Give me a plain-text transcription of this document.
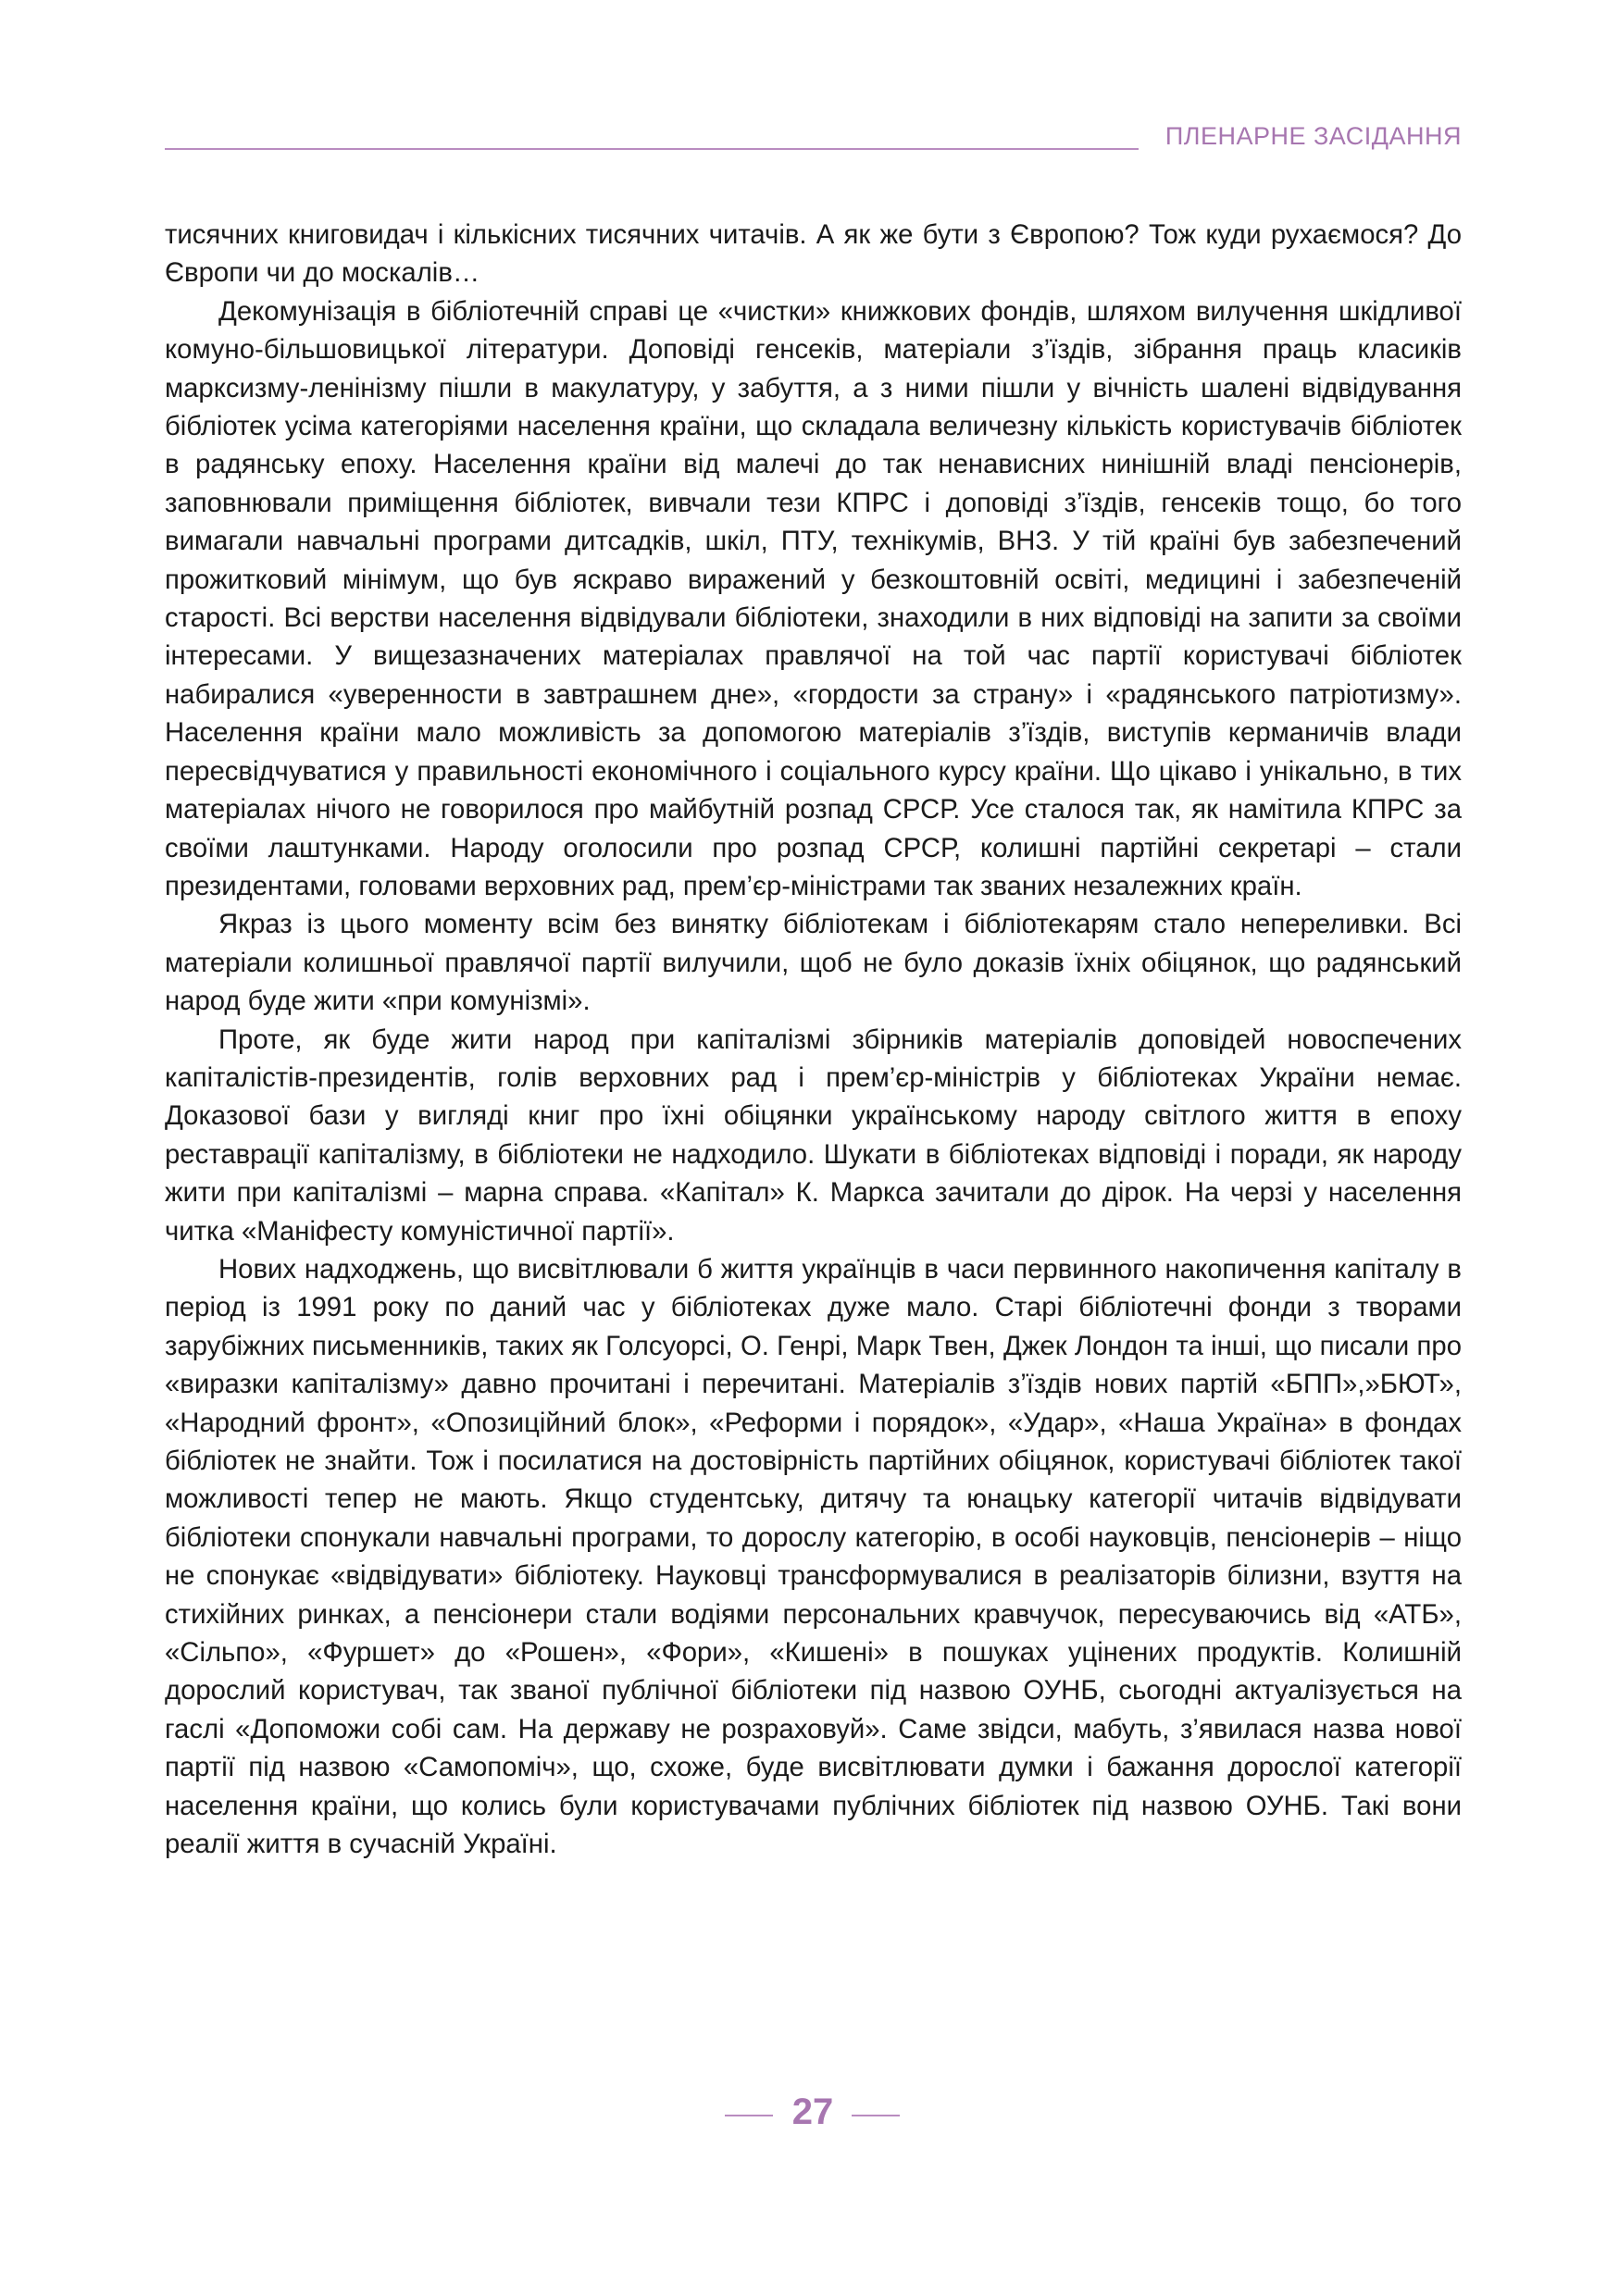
ПЛЕНАРНЕ ЗАСІДАННЯ

тисячних книговидач і кількісних тисячних читачів. А як же бути з Європою? Тож куди рухаємося? До Європи чи до москалів…

Декомунізація в бібліотечній справі це «чистки» книжкових фондів, шляхом вилучення шкідливої комуно-більшовицької літератури. Доповіді генсеків, матеріали з’їздів, зібрання праць класиків марксизму-ленінізму пішли в макулатуру, у забуття, а з ними пішли у вічність шалені відвідування бібліотек усіма категоріями населення країни, що складала величезну кількість користувачів бібліотек в радянську епоху. Населення країни від малечі до так ненависних нинішній владі пенсіонерів, заповнювали приміщення бібліотек, вивчали тези КПРС і доповіді з’їздів, генсеків тощо, бо того вимагали навчальні програми дитсадків, шкіл, ПТУ, технікумів, ВНЗ. У тій країні був забезпечений прожитковий мінімум, що був яскраво виражений у безкоштовній освіті, медицині і забезпеченій старості. Всі верстви населення відвідували бібліотеки, знаходили в них відповіді на запити за своїми інтересами. У вищезазначених матеріалах правлячої на той час партії користувачі бібліотек набиралися «уверенности в завтрашнем дне», «гордости за страну» і «радянського патріотизму». Населення країни мало можливість за допомогою матеріалів з’їздів, виступів керманичів влади пересвідчуватися у правильності економічного і соціального курсу країни. Що цікаво і унікально, в тих матеріалах нічого не говорилося про майбутній розпад СРСР. Усе сталося так, як намітила КПРС за своїми лаштунками. Народу оголосили про розпад СРСР, колишні партійні секретарі – стали президентами, головами верховних рад, прем’єр-міністрами так званих незалежних країн.

Якраз із цього моменту всім без винятку бібліотекам і бібліотекарям стало непереливки. Всі матеріали колишньої правлячої партії вилучили, щоб не було доказів їхніх обіцянок, що радянський народ буде жити «при комунізмі».

Проте, як буде жити народ при капіталізмі збірників матеріалів доповідей новоспечених капіталістів-президентів, голів верховних рад і прем’єр-міністрів у бібліотеках України немає. Доказової бази у вигляді книг про їхні обіцянки українському народу світлого життя в епоху реставрації капіталізму, в бібліотеки не надходило. Шукати в бібліотеках відповіді і поради, як народу жити при капіталізмі – марна справа. «Капітал» К. Маркса зачитали до дірок. На черзі у населення читка «Маніфесту комуністичної партії».

Нових надходжень, що висвітлювали б життя українців в часи первинного накопичення капіталу в період із 1991 року по даний час у бібліотеках дуже мало. Старі бібліотечні фонди з творами зарубіжних письменників, таких як Голсуорсі, О. Генрі, Марк Твен, Джек Лондон та інші, що писали про «виразки капіталізму» давно прочитані і перечитані. Матеріалів з’їздів нових партій «БПП»,»БЮТ», «Народний фронт», «Опозиційний блок», «Реформи і порядок», «Удар», «Наша Україна» в фондах бібліотек не знайти. Тож і посилатися на достовірність партійних обіцянок, користувачі бібліотек такої можливості тепер не мають. Якщо студентську, дитячу та юнацьку категорії читачів відвідувати бібліотеки спонукали навчальні програми, то дорослу категорію, в особі науковців, пенсіонерів – ніщо не спонукає «відвідувати» бібліотеку. Науковці трансформувалися в реалізаторів білизни, взуття на стихійних ринках, а пенсіонери стали водіями персональних кравчучок, пересуваючись від «АТБ», «Сільпо», «Фуршет» до «Рошен», «Фори», «Кишені» в пошуках уцінених продуктів. Колишній дорослий користувач, так званої публічної бібліотеки під назвою ОУНБ, сьогодні актуалізується на гаслі «Допоможи собі сам. На державу не розраховуй». Саме звідси, мабуть, з’явилася назва нової партії під назвою «Самопоміч», що, схоже, буде висвітлювати думки і бажання дорослої категорії населення країни, що колись були користувачами публічних бібліотек під назвою ОУНБ. Такі вони реалії життя в сучасній Україні.

27
